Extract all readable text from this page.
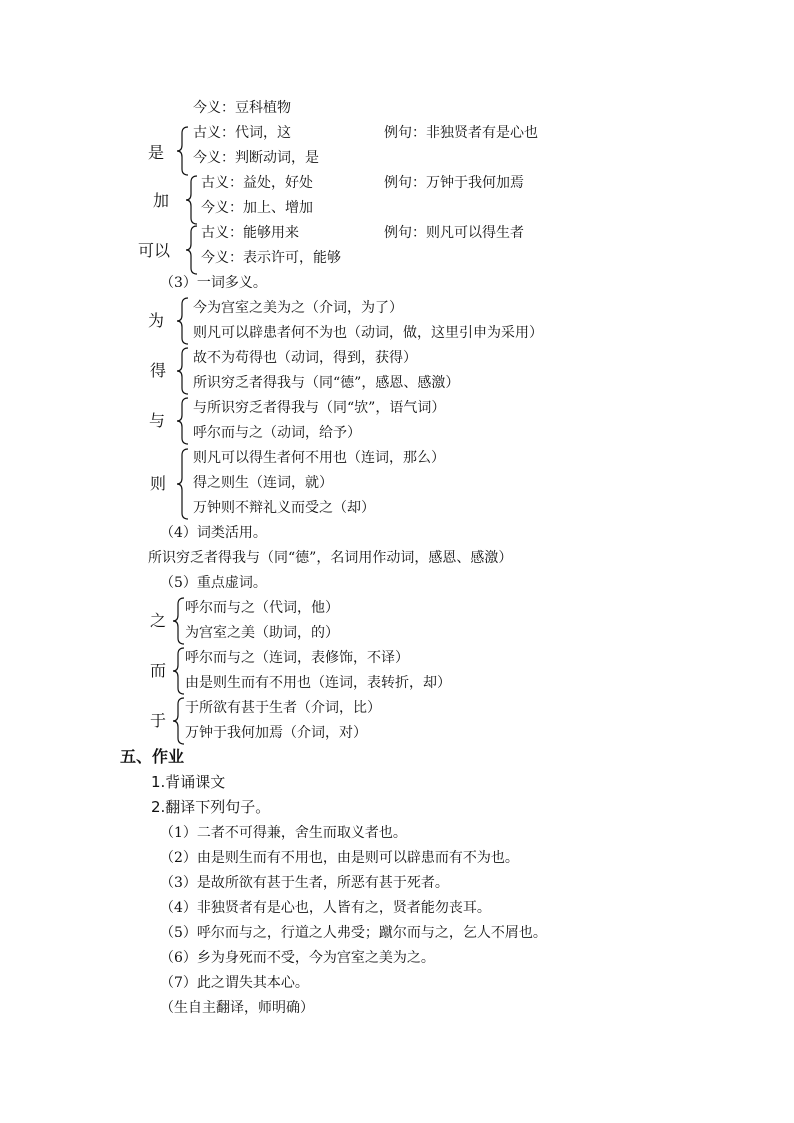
今义：豆科植物
是
古义：代词，这	例句：非独贤者有是心也
今义：判断动词，是
加
古义：益处，好处	例句：万钟于我何加焉
今义：加上、增加
可以
古义：能够用来	例句：则凡可以得生者
今义：表示许可，能够
（3）一词多义。
为
今为宫室之美为之（介词，为了）
则凡可以辟患者何不为也（动词，做，这里引申为采用）
得
故不为苟得也（动词，得到，获得）
所识穷乏者得我与（同“德”，感恩、感激）
与
与所识穷乏者得我与（同“欤”，语气词）
呼尔而与之（动词，给予）
则
则凡可以得生者何不用也（连词，那么）
得之则生（连词，就）
万钟则不辩礼义而受之（却）
（4）词类活用。
所识穷乏者得我与（同“德”，名词用作动词，感恩、感激）
（5）重点虚词。
之
呼尔而与之（代词，他）
为宫室之美（助词，的）
而
呼尔而与之（连词，表修饰，不译）
由是则生而有不用也（连词，表转折，却）
于
于所欲有甚于生者（介词，比）
万钟于我何加焉（介词，对）
五、作业
1.背诵课文
2.翻译下列句子。
（1）二者不可得兼，舍生而取义者也。
（2）由是则生而有不用也，由是则可以辟患而有不为也。
（3）是故所欲有甚于生者，所恶有甚于死者。
（4）非独贤者有是心也，人皆有之，贤者能勿丧耳。
（5）呼尔而与之，行道之人弗受；蹴尔而与之，乞人不屑也。
（6）乡为身死而不受，今为宫室之美为之。
（7）此之谓失其本心。
（生自主翻译，师明确）
